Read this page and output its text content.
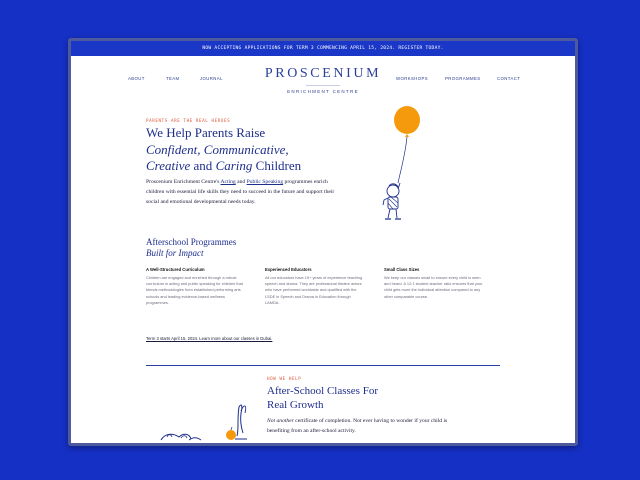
NOW ACCEPTING APPLICATIONS FOR TERM 3 COMMENCING APRIL 15, 2024. REGISTER TODAY.
ABOUT	TEAM	JOURNAL	PROSCENIUM
ENRICHMENT CENTRE
WORKSHOPS	PROGRAMMES	CONTACT
PARENTS ARE THE REAL HEROES
We Help Parents Raise
Confident, Communicative,
Creative and Caring Children
Proscenium Enrichment Centre's Acting and Public Speaking programmes enrich children with essential life skills they need to succeed in the future and support their social and emotional developmental needs today.
Afterschool Programmes
Built for Impact
A Well-Structured Curriculum
Children are engaged and enriched through a robust curriculum in acting and public speaking for children that blends methodologies from established performing arts schools and leading evidence-based wellness programmes.
Experienced Educators
All our educators have 15+ years of experience teaching speech and drama. They are professional theatre actors who have performed worldwide and qualified with the LSDE in Speech and Drama in Education through LAMDA.
Small Class Sizes
We keep our classes small to ensure every child is seen and heard. A 12:1 student-teacher ratio ensures that your child gets more the individual attention compared to any other comparable course.
Term 3 starts April 15, 2024. Learn more about our classes in Dubai.
HOW WE HELP
After-School Classes For
Real Growth
Not another certificate of completion. Not ever having to wonder if your child is benefiting from an after-school activity.
